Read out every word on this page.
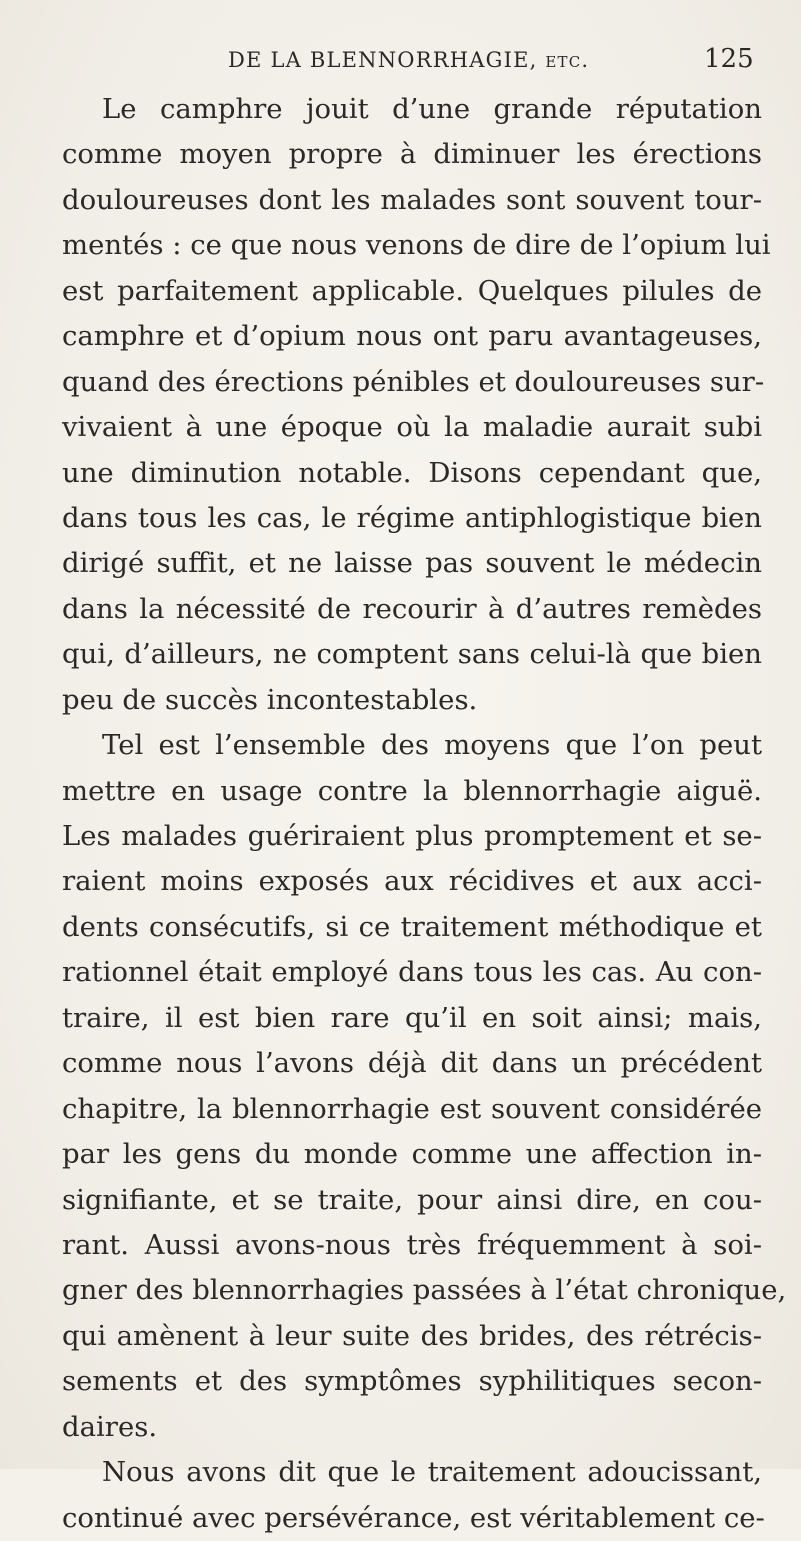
DE LA BLENNORRHAGIE, etc.	125
Le camphre jouit d’une grande réputation
comme moyen propre à diminuer les érections
douloureuses dont les malades sont souvent tour-
mentés : ce que nous venons de dire de l’opium lui
est parfaitement applicable. Quelques pilules de
camphre et d’opium nous ont paru avantageuses,
quand des érections pénibles et douloureuses sur-
vivaient à une époque où la maladie aurait subi
une diminution notable. Disons cependant que,
dans tous les cas, le régime antiphlogistique bien
dirigé suffit, et ne laisse pas souvent le médecin
dans la nécessité de recourir à d’autres remèdes
qui, d’ailleurs, ne comptent sans celui-là que bien
peu de succès incontestables.
Tel est l’ensemble des moyens que l’on peut
mettre en usage contre la blennorrhagie aiguë.
Les malades guériraient plus promptement et se-
raient moins exposés aux récidives et aux acci-
dents consécutifs, si ce traitement méthodique et
rationnel était employé dans tous les cas. Au con-
traire, il est bien rare qu’il en soit ainsi; mais,
comme nous l’avons déjà dit dans un précédent
chapitre, la blennorrhagie est souvent considérée
par les gens du monde comme une affection in-
signifiante, et se traite, pour ainsi dire, en cou-
rant. Aussi avons-nous très fréquemment à soi-
gner des blennorrhagies passées à l’état chronique,
qui amènent à leur suite des brides, des rétrécis-
sements et des symptômes syphilitiques secon-
daires.
Nous avons dit que le traitement adoucissant,
continué avec persévérance, est véritablement ce-
